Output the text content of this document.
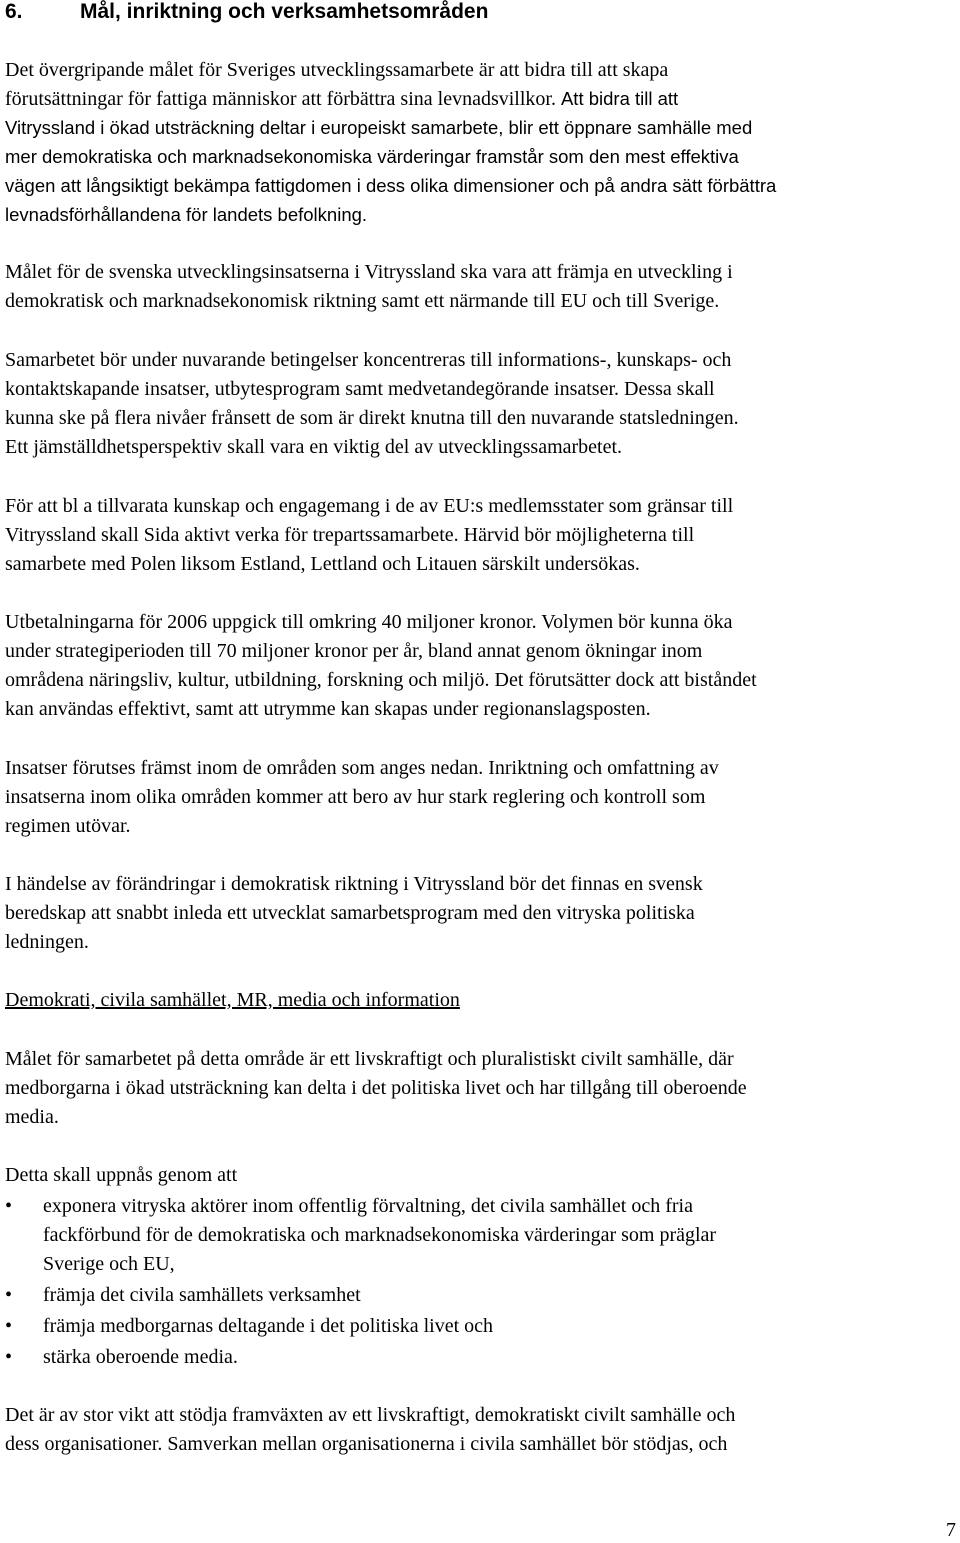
6.	Mål, inriktning och verksamhetsområden
Det övergripande målet för Sveriges utvecklingssamarbete är att bidra till att skapa
förutsättningar för fattiga människor att förbättra sina levnadsvillkor. Att bidra till att
Vitryssland i ökad utsträckning deltar i europeiskt samarbete, blir ett öppnare samhälle med
mer demokratiska och marknadsekonomiska värderingar framstår som den mest effektiva
vägen att långsiktigt bekämpa fattigdomen i dess olika dimensioner och på andra sätt förbättra
levnadsförhållandena för landets befolkning.
Målet för de svenska utvecklingsinsatserna i Vitryssland ska vara att främja en utveckling i
demokratisk och marknadsekonomisk riktning samt ett närmande till EU och till Sverige.
Samarbetet bör under nuvarande betingelser koncentreras till informations-, kunskaps- och
kontaktskapande insatser, utbytesprogram samt medvetandegörande insatser. Dessa skall
kunna ske på flera nivåer frånsett de som är direkt knutna till den nuvarande statsledningen.
Ett jämställdhetsperspektiv skall vara en viktig del av utvecklingssamarbetet.
För att bl a tillvarata kunskap och engagemang i de av EU:s medlemsstater som gränsar till
Vitryssland skall Sida aktivt verka för trepartssamarbete. Härvid bör möjligheterna till
samarbete med Polen liksom Estland, Lettland och Litauen särskilt undersökas.
Utbetalningarna för 2006 uppgick till omkring 40 miljoner kronor. Volymen bör kunna öka
under strategiperioden till 70 miljoner kronor per år, bland annat genom ökningar inom
områdena näringsliv, kultur, utbildning, forskning och miljö. Det förutsätter dock att biståndet
kan användas effektivt, samt att utrymme kan skapas under regionanslagsposten.
Insatser förutses främst inom de områden som anges nedan. Inriktning och omfattning av
insatserna inom olika områden kommer att bero av hur stark reglering och kontroll som
regimen utövar.
I händelse av förändringar i demokratisk riktning i Vitryssland bör det finnas en svensk
beredskap att snabbt inleda ett utvecklat samarbetsprogram med den vitryska politiska
ledningen.
Demokrati, civila samhället, MR, media och information
Målet för samarbetet på detta område är ett livskraftigt och pluralistiskt civilt samhälle, där
medborgarna i ökad utsträckning kan delta i det politiska livet och har tillgång till oberoende
media.
Detta skall uppnås genom att
• exponera vitryska aktörer inom offentlig förvaltning, det civila samhället och fria
fackförbund för de demokratiska och marknadsekonomiska värderingar som präglar
Sverige och EU,
• främja det civila samhällets verksamhet
• främja medborgarnas deltagande i det politiska livet och
• stärka oberoende media.
Det är av stor vikt att stödja framväxten av ett livskraftigt, demokratiskt civilt samhälle och
dess organisationer. Samverkan mellan organisationerna i civila samhället bör stödjas, och
7
